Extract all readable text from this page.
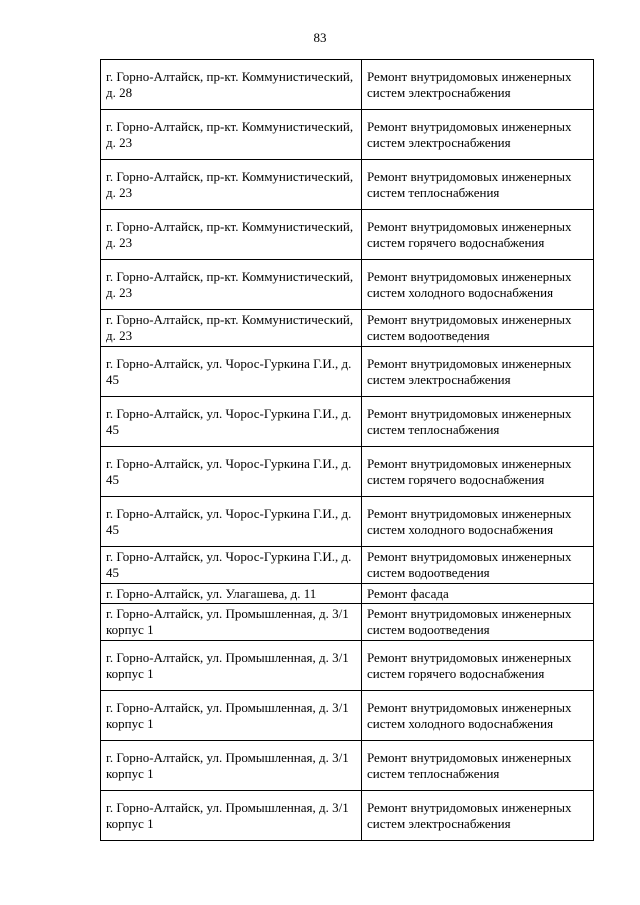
83
г. Горно-Алтайск, пр-кт. Коммунистический, д. 28	Ремонт внутридомовых инженерных систем электроснабжения
г. Горно-Алтайск, пр-кт. Коммунистический, д. 23	Ремонт внутридомовых инженерных систем электроснабжения
г. Горно-Алтайск, пр-кт. Коммунистический, д. 23	Ремонт внутридомовых инженерных систем теплоснабжения
г. Горно-Алтайск, пр-кт. Коммунистический, д. 23	Ремонт внутридомовых инженерных систем горячего водоснабжения
г. Горно-Алтайск, пр-кт. Коммунистический, д. 23	Ремонт внутридомовых инженерных систем холодного водоснабжения
г. Горно-Алтайск, пр-кт. Коммунистический, д. 23	Ремонт внутридомовых инженерных систем водоотведения
г. Горно-Алтайск, ул. Чорос-Гуркина Г.И., д. 45	Ремонт внутридомовых инженерных систем электроснабжения
г. Горно-Алтайск, ул. Чорос-Гуркина Г.И., д. 45	Ремонт внутридомовых инженерных систем теплоснабжения
г. Горно-Алтайск, ул. Чорос-Гуркина Г.И., д. 45	Ремонт внутридомовых инженерных систем горячего водоснабжения
г. Горно-Алтайск, ул. Чорос-Гуркина Г.И., д. 45	Ремонт внутридомовых инженерных систем холодного водоснабжения
г. Горно-Алтайск, ул. Чорос-Гуркина Г.И., д. 45	Ремонт внутридомовых инженерных систем водоотведения
г. Горно-Алтайск, ул. Улагашева, д. 11	Ремонт фасада
г. Горно-Алтайск, ул. Промышленная, д. 3/1 корпус 1	Ремонт внутридомовых инженерных систем водоотведения
г. Горно-Алтайск, ул. Промышленная, д. 3/1 корпус 1	Ремонт внутридомовых инженерных систем горячего водоснабжения
г. Горно-Алтайск, ул. Промышленная, д. 3/1 корпус 1	Ремонт внутридомовых инженерных систем холодного водоснабжения
г. Горно-Алтайск, ул. Промышленная, д. 3/1 корпус 1	Ремонт внутридомовых инженерных систем теплоснабжения
г. Горно-Алтайск, ул. Промышленная, д. 3/1 корпус 1	Ремонт внутридомовых инженерных систем электроснабжения
